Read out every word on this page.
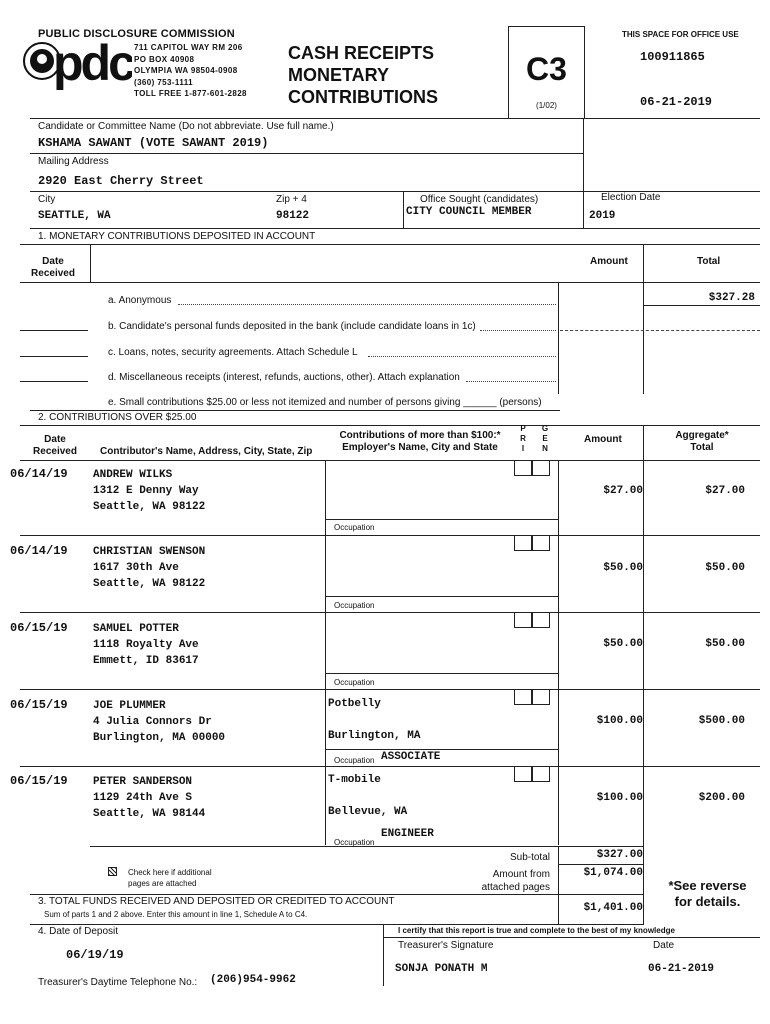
PUBLIC DISCLOSURE COMMISSION
pdc 711 CAPITOL WAY RM 206
PO BOX 40908
OLYMPIA WA 98504-0908
(360) 753-1111
TOLL FREE 1-877-601-2828
CASH RECEIPTS
MONETARY
CONTRIBUTIONS
C3
(1/02)
THIS SPACE FOR OFFICE USE
100911865
06-21-2019
Candidate or Committee Name (Do not abbreviate. Use full name.)
KSHAMA SAWANT (VOTE SAWANT 2019)
Mailing Address
2920 East Cherry Street
City
SEATTLE, WA
Zip + 4
98122
Office Sought (candidates)
CITY COUNCIL MEMBER
Election Date
2019
1. MONETARY CONTRIBUTIONS DEPOSITED IN ACCOUNT
Date Received
Amount	Total
a. Anonymous	$327.28
b. Candidate's personal funds deposited in the bank (include candidate loans in 1c)
c. Loans, notes, security agreements. Attach Schedule L
d. Miscellaneous receipts (interest, refunds, auctions, other). Attach explanation
e. Small contributions $25.00 or less not itemized and number of persons giving ______ (persons)
2. CONTRIBUTIONS OVER $25.00
Date Received	Contributor's Name, Address, City, State, Zip
Contributions of more than $100:* Employer's Name, City and State
P R I
G E N
Amount	Aggregate* Total
06/14/19 ANDREW WILKS
1312 E Denny Way
Seattle, WA 98122
$27.00	$27.00
Occupation
06/14/19 CHRISTIAN SWENSON
1617 30th Ave
Seattle, WA 98122
$50.00	$50.00
Occupation
06/15/19 SAMUEL POTTER
1118 Royalty Ave
Emmett, ID 83617
$50.00	$50.00
Occupation
06/15/19 JOE PLUMMER
4 Julia Connors Dr
Burlington, MA 00000
Potbelly
Burlington, MA
$100.00	$500.00
Occupation ASSOCIATE
06/15/19 PETER SANDERSON
1129 24th Ave S
Seattle, WA 98144
T-mobile
Bellevue, WA
$100.00	$200.00
Occupation
ENGINEER
Check here if additional
pages are attached
Sub-total	$327.00
Amount from
attached pages
$1,074.00
*See reverse
for details.
3. TOTAL FUNDS RECEIVED AND DEPOSITED OR CREDITED TO ACCOUNT
Sum of parts 1 and 2 above. Enter this amount in line 1, Schedule A to C4.
$1,401.00
4. Date of Deposit
06/19/19
I certify that this report is true and complete to the best of my knowledge
Treasurer's Signature	Date
SONJA PONATH M	06-21-2019
Treasurer's Daytime Telephone No.: (206)954-9962
